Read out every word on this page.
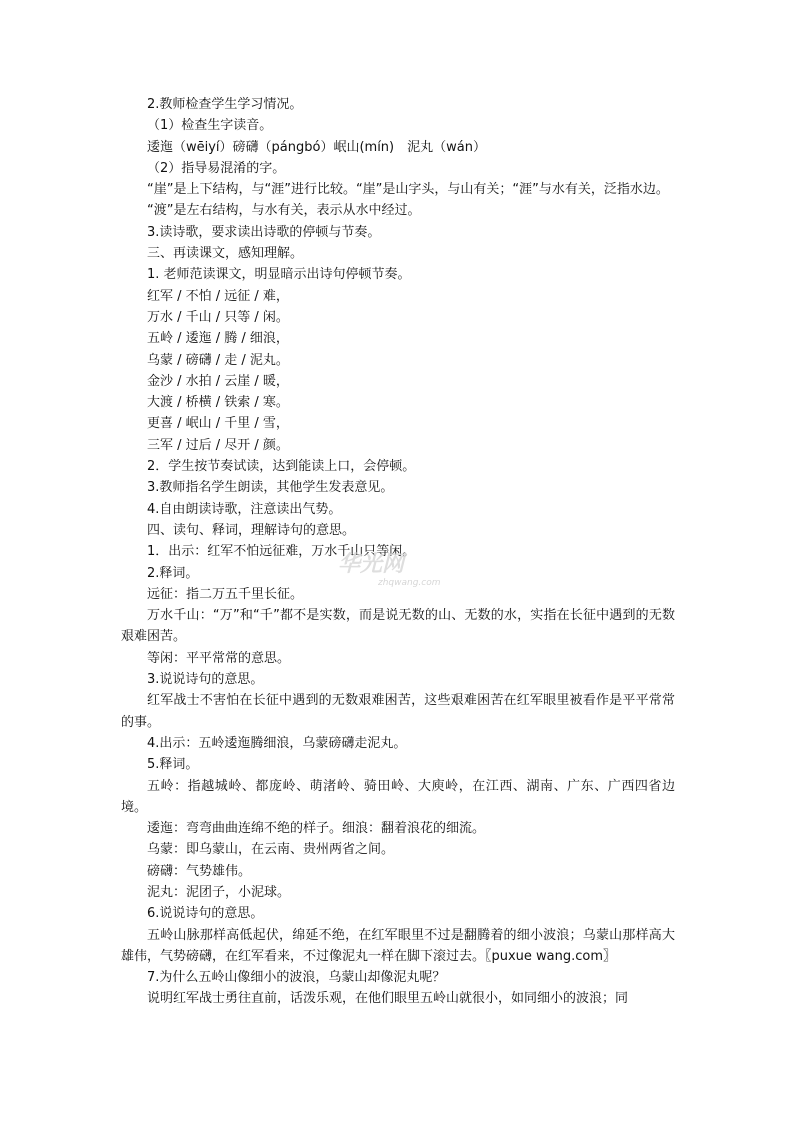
2.教师检查学生学习情况。

（1）检查生字读音。

逶迤（wēiyí）磅礴（pángbó）岷山(mín)　泥丸（wán）

（2）指导易混淆的字。

“崖”是上下结构，与“涯”进行比较。“崖”是山字头，与山有关；“涯”与水有关，泛指水边。

“渡”是左右结构，与水有关，表示从水中经过。

3.读诗歌，要求读出诗歌的停顿与节奏。

三、再读课文，感知理解。

1. 老师范读课文，明显暗示出诗句停顿节奏。

红军 / 不怕 / 远征 / 难，

万水 / 千山 / 只等 / 闲。

五岭 / 逶迤 / 腾 / 细浪，

乌蒙 / 磅礴 / 走 / 泥丸。

金沙 / 水拍 / 云崖 / 暖，

大渡 / 桥横 / 铁索 / 寒。

更喜 / 岷山 / 千里 / 雪，

三军 / 过后 / 尽开 / 颜。

2．学生按节奏试读，达到能读上口，会停顿。

3.教师指名学生朗读，其他学生发表意见。

4.自由朗读诗歌，注意读出气势。

四、读句、释词，理解诗句的意思。

1．出示：红军不怕远征难，万水千山只等闲。

2.释词。

远征：指二万五千里长征。

万水千山：“万”和“千”都不是实数，而是说无数的山、无数的水，实指在长征中遇到的无数艰难困苦。

等闲：平平常常的意思。

3.说说诗句的意思。

红军战士不害怕在长征中遇到的无数艰难困苦，这些艰难困苦在红军眼里被看作是平平常常的事。

4.出示：五岭逶迤腾细浪，乌蒙磅礴走泥丸。

5.释词。

五岭：指越城岭、都庞岭、萌渚岭、骑田岭、大庾岭，在江西、湖南、广东、广西四省边境。

逶迤：弯弯曲曲连绵不绝的样子。细浪：翻着浪花的细流。

乌蒙：即乌蒙山，在云南、贵州两省之间。

磅礴：气势雄伟。

泥丸：泥团子，小泥球。

6.说说诗句的意思。

五岭山脉那样高低起伏，绵延不绝，在红军眼里不过是翻腾着的细小波浪；乌蒙山那样高大雄伟，气势磅礴，在红军看来，不过像泥丸一样在脚下滚过去。〖puxue wang.com〗

7.为什么五岭山像细小的波浪，乌蒙山却像泥丸呢？

说明红军战士勇往直前，话泼乐观，在他们眼里五岭山就很小，如同细小的波浪；同

华光网
zhqwang.com
